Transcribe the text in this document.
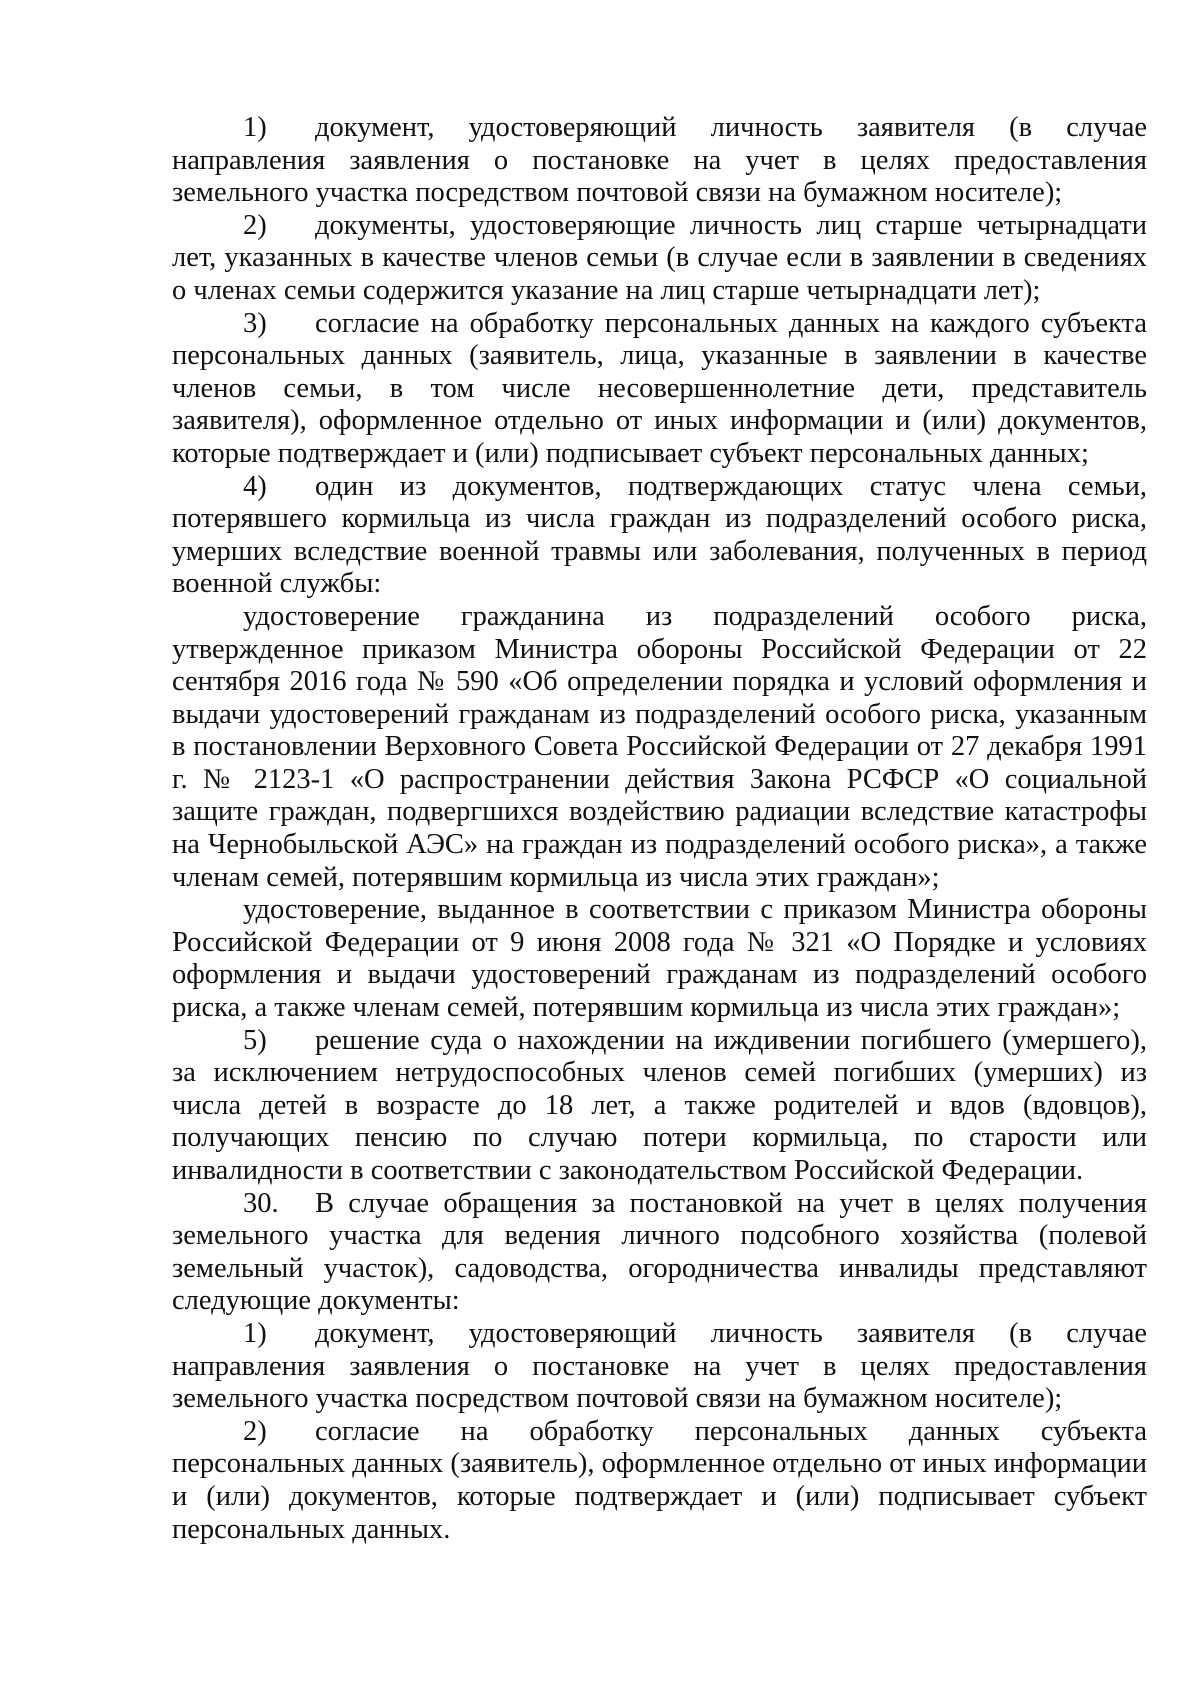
1) документ, удостоверяющий личность заявителя (в случае направления заявления о постановке на учет в целях предоставления земельного участка посредством почтовой связи на бумажном носителе);

2) документы, удостоверяющие личность лиц старше четырнадцати лет, указанных в качестве членов семьи (в случае если в заявлении в сведениях о членах семьи содержится указание на лиц старше четырнадцати лет);

3) согласие на обработку персональных данных на каждого субъекта персональных данных (заявитель, лица, указанные в заявлении в качестве членов семьи, в том числе несовершеннолетние дети, представитель заявителя), оформленное отдельно от иных информации и (или) документов, которые подтверждает и (или) подписывает субъект персональных данных;

4) один из документов, подтверждающих статус члена семьи, потерявшего кормильца из числа граждан из подразделений особого риска, умерших вследствие военной травмы или заболевания, полученных в период военной службы:

удостоверение гражданина из подразделений особого риска, утвержденное приказом Министра обороны Российской Федерации от 22 сентября 2016 года № 590 «Об определении порядка и условий оформления и выдачи удостоверений гражданам из подразделений особого риска, указанным в постановлении Верховного Совета Российской Федерации от 27 декабря 1991 г. № 2123-1 «О распространении действия Закона РСФСР «О социальной защите граждан, подвергшихся воздействию радиации вследствие катастрофы на Чернобыльской АЭС» на граждан из подразделений особого риска», а также членам семей, потерявшим кормильца из числа этих граждан»;

удостоверение, выданное в соответствии с приказом Министра обороны Российской Федерации от 9 июня 2008 года № 321 «О Порядке и условиях оформления и выдачи удостоверений гражданам из подразделений особого риска, а также членам семей, потерявшим кормильца из числа этих граждан»;

5) решение суда о нахождении на иждивении погибшего (умершего), за исключением нетрудоспособных членов семей погибших (умерших) из числа детей в возрасте до 18 лет, а также родителей и вдов (вдовцов), получающих пенсию по случаю потери кормильца, по старости или инвалидности в соответствии с законодательством Российской Федерации.

30. В случае обращения за постановкой на учет в целях получения земельного участка для ведения личного подсобного хозяйства (полевой земельный участок), садоводства, огородничества инвалиды представляют следующие документы:

1) документ, удостоверяющий личность заявителя (в случае направления заявления о постановке на учет в целях предоставления земельного участка посредством почтовой связи на бумажном носителе);

2) согласие на обработку персональных данных субъекта персональных данных (заявитель), оформленное отдельно от иных информации и (или) документов, которые подтверждает и (или) подписывает субъект персональных данных.
